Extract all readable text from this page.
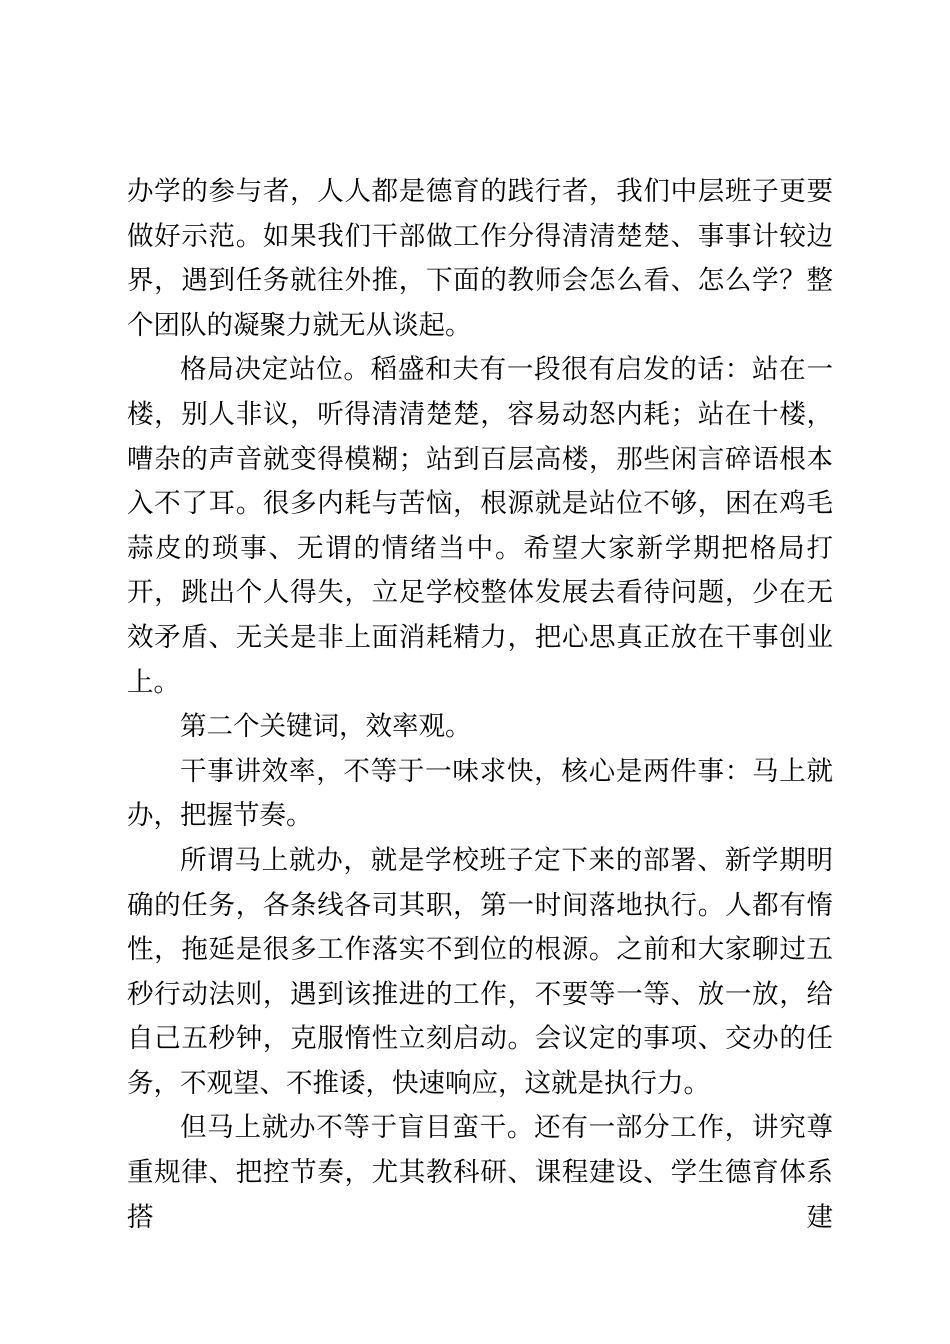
办学的参与者，人人都是德育的践行者，我们中层班子更要做好示范。如果我们干部做工作分得清清楚楚、事事计较边界，遇到任务就往外推，下面的教师会怎么看、怎么学？整个团队的凝聚力就无从谈起。

格局决定站位。稻盛和夫有一段很有启发的话：站在一楼，别人非议，听得清清楚楚，容易动怒内耗；站在十楼，嘈杂的声音就变得模糊；站到百层高楼，那些闲言碎语根本入不了耳。很多内耗与苦恼，根源就是站位不够，困在鸡毛蒜皮的琐事、无谓的情绪当中。希望大家新学期把格局打开，跳出个人得失，立足学校整体发展去看待问题，少在无效矛盾、无关是非上面消耗精力，把心思真正放在干事创业上。

第二个关键词，效率观。

干事讲效率，不等于一味求快，核心是两件事：马上就办，把握节奏。

所谓马上就办，就是学校班子定下来的部署、新学期明确的任务，各条线各司其职，第一时间落地执行。人都有惰性，拖延是很多工作落实不到位的根源。之前和大家聊过五秒行动法则，遇到该推进的工作，不要等一等、放一放，给自己五秒钟，克服惰性立刻启动。会议定的事项、交办的任务，不观望、不推诿，快速响应，这就是执行力。

但马上就办不等于盲目蛮干。还有一部分工作，讲究尊重规律、把控节奏，尤其教科研、课程建设、学生德育体系搭建
